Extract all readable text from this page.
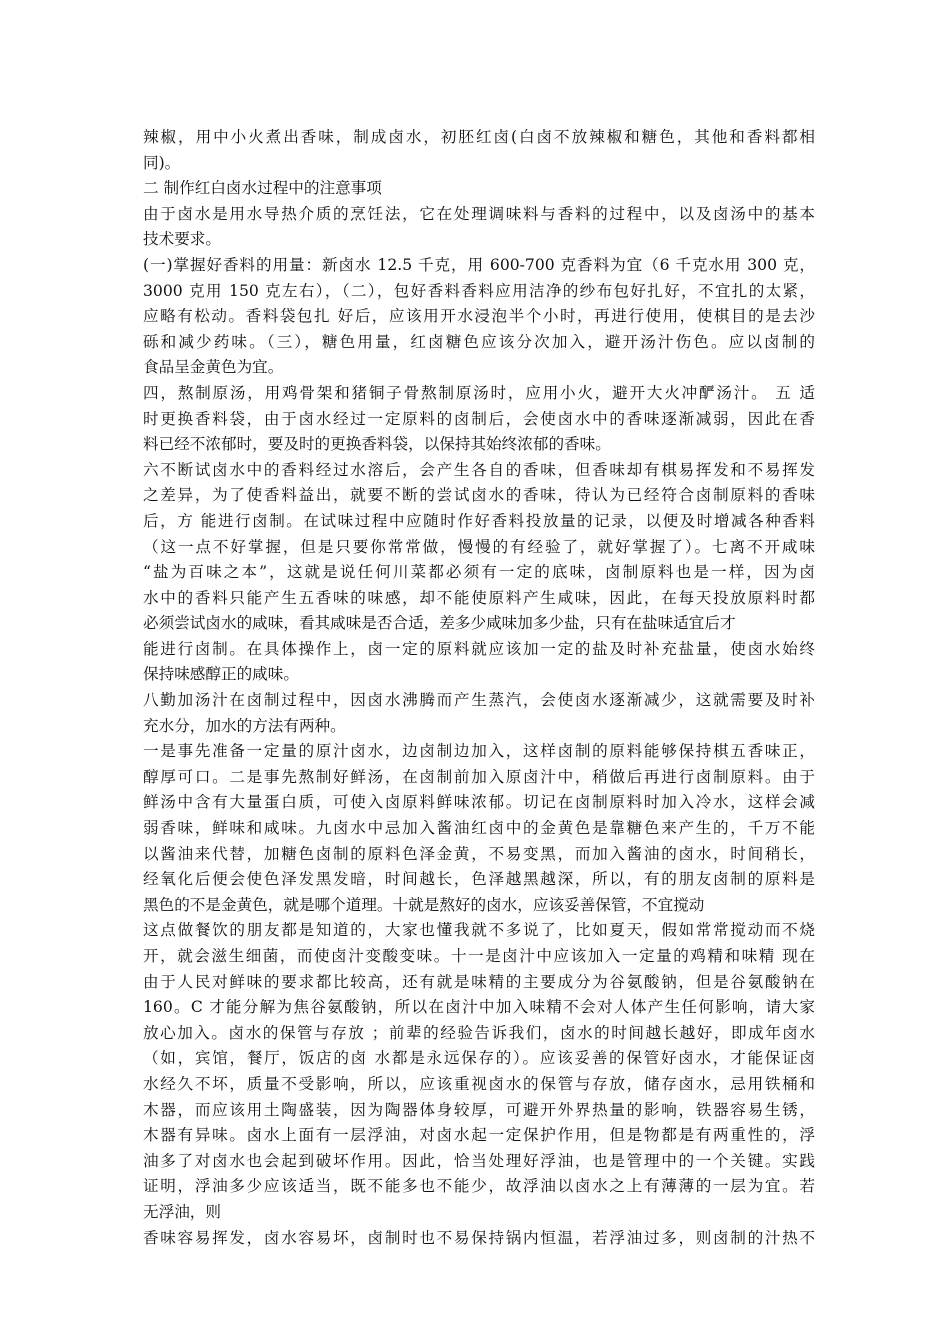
辣椒，用中小火煮出香味，制成卤水，初胚红卤(白卤不放辣椒和糖色，其他和香料都相
同)。
二 制作红白卤水过程中的注意事项
由于卤水是用水导热介质的烹饪法，它在处理调味料与香料的过程中，以及卤汤中的基本
技术要求。
(一)掌握好香料的用量：新卤水 12.5 千克，用 600-700 克香料为宜（6 千克水用 300 克，
3000 克用 150 克左右），（二），包好香料香料应用洁净的纱布包好扎好，不宜扎的太紧，
应略有松动。香料袋包扎 好后，应该用开水浸泡半个小时，再进行使用，使棋目的是去沙
砾和减少药味。（三），糖色用量，红卤糖色应该分次加入，避开汤汁伤色。应以卤制的
食品呈金黄色为宜。
四，熬制原汤，用鸡骨架和猪铜子骨熬制原汤时，应用小火，避开大火冲酽汤汁。 五 适
时更换香料袋，由于卤水经过一定原料的卤制后，会使卤水中的香味逐渐减弱，因此在香
料已经不浓郁时，要及时的更换香料袋，以保持其始终浓郁的香味。
六不断试卤水中的香料经过水溶后，会产生各自的香味，但香味却有棋易挥发和不易挥发
之差异，为了使香料益出，就要不断的尝试卤水的香味，待认为已经符合卤制原料的香味
后，方 能进行卤制。在试味过程中应随时作好香料投放量的记录，以便及时增减各种香料
（这一点不好掌握，但是只要你常常做，慢慢的有经验了，就好掌握了）。七离不开咸味
“盐为百味之本”，这就是说任何川菜都必须有一定的底味，卤制原料也是一样，因为卤
水中的香料只能产生五香味的味感，却不能使原料产生咸味，因此，在每天投放原料时都
必须尝试卤水的咸味，看其咸味是否合适，差多少咸味加多少盐，只有在盐味适宜后才
能进行卤制。在具体操作上，卤一定的原料就应该加一定的盐及时补充盐量，使卤水始终
保持味感醇正的咸味。
八勤加汤汁在卤制过程中，因卤水沸腾而产生蒸汽，会使卤水逐渐减少，这就需要及时补
充水分，加水的方法有两种。
一是事先准备一定量的原汁卤水，边卤制边加入，这样卤制的原料能够保持棋五香味正，
醇厚可口。二是事先熬制好鲜汤，在卤制前加入原卤汁中，稍做后再进行卤制原料。由于
鲜汤中含有大量蛋白质，可使入卤原料鲜味浓郁。切记在卤制原料时加入冷水，这样会减
弱香味，鲜味和咸味。九卤水中忌加入酱油红卤中的金黄色是靠糖色来产生的，千万不能
以酱油来代替，加糖色卤制的原料色泽金黄，不易变黑，而加入酱油的卤水，时间稍长，
经氧化后便会使色泽发黑发暗，时间越长，色泽越黑越深，所以，有的朋友卤制的原料是
黑色的不是金黄色，就是哪个道理。十就是熬好的卤水，应该妥善保管，不宜搅动
这点做餐饮的朋友都是知道的，大家也懂我就不多说了，比如夏天，假如常常搅动而不烧
开，就会滋生细菌，而使卤汁变酸变味。十一是卤汁中应该加入一定量的鸡精和味精 现在
由于人民对鲜味的要求都比较高，还有就是味精的主要成分为谷氨酸钠，但是谷氨酸钠在
160。C 才能分解为焦谷氨酸钠，所以在卤汁中加入味精不会对人体产生任何影响，请大家
放心加入。卤水的保管与存放 ；前辈的经验告诉我们，卤水的时间越长越好，即成年卤水
（如，宾馆，餐厅，饭店的卤 水都是永远保存的）。应该妥善的保管好卤水，才能保证卤
水经久不坏，质量不受影响，所以，应该重视卤水的保管与存放，储存卤水，忌用铁桶和
木器，而应该用土陶盛装，因为陶器体身较厚，可避开外界热量的影响，铁器容易生锈，
木器有异味。卤水上面有一层浮油，对卤水起一定保护作用，但是物都是有两重性的，浮
油多了对卤水也会起到破坏作用。因此，恰当处理好浮油，也是管理中的一个关键。实践
证明，浮油多少应该适当，既不能多也不能少，故浮油以卤水之上有薄薄的一层为宜。若
无浮油，则
香味容易挥发，卤水容易坏，卤制时也不易保持锅内恒温，若浮油过多，则卤制的汁热不
